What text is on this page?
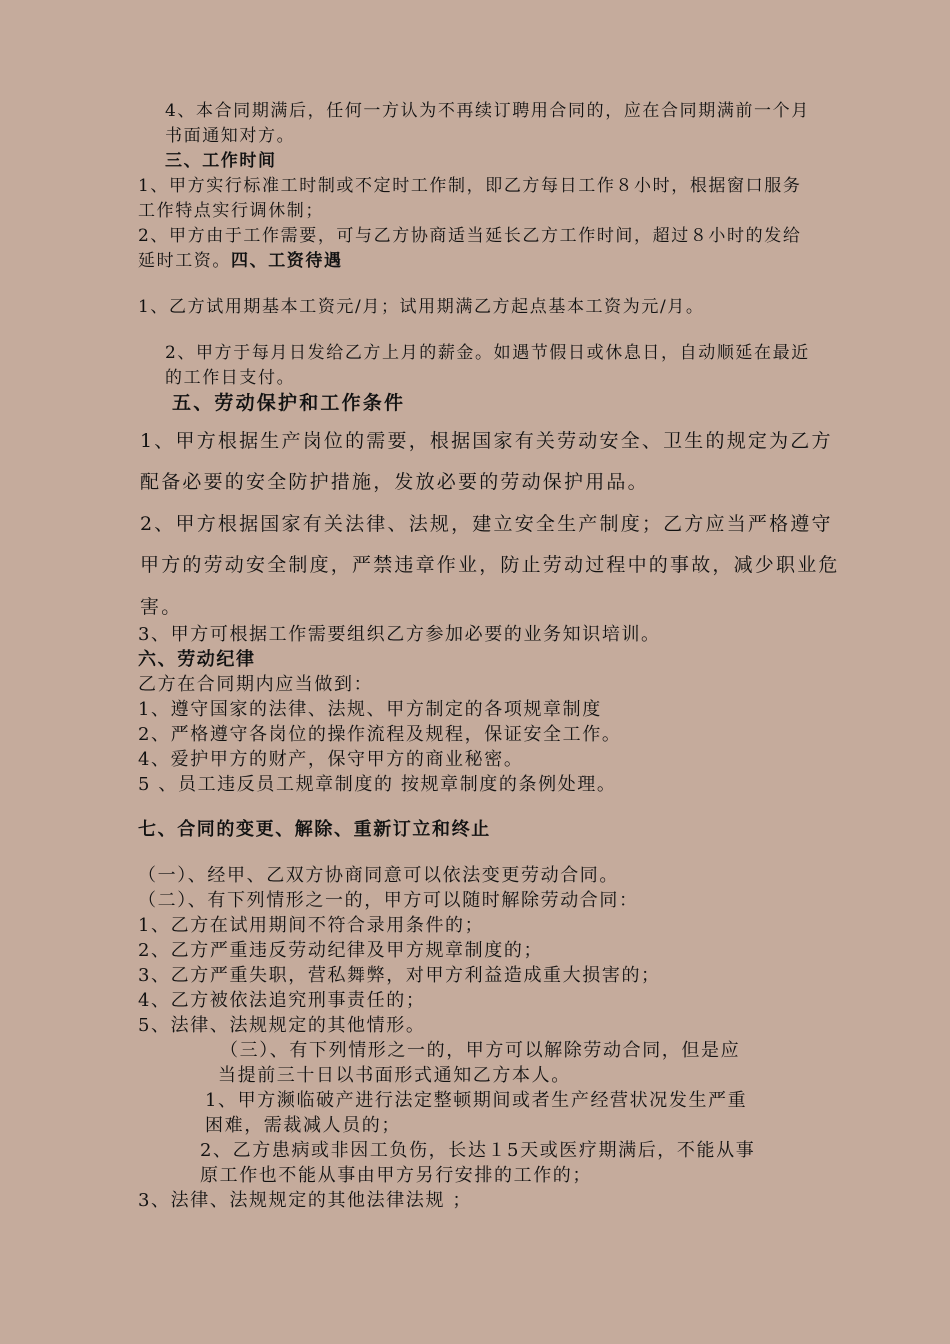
4、本合同期满后，任何一方认为不再续订聘用合同的，应在合同期满前一个月
书面通知对方。
三、工作时间
1、甲方实行标准工时制或不定时工作制，即乙方每日工作８小时，根据窗口服务
工作特点实行调休制；
2、甲方由于工作需要，可与乙方协商适当延长乙方工作时间，超过８小时的发给
延时工资。四、工资待遇
1、乙方试用期基本工资元/月；试用期满乙方起点基本工资为元/月。
2、甲方于每月日发给乙方上月的薪金。如遇节假日或休息日，自动顺延在最近
的工作日支付。
五、劳动保护和工作条件
1、甲方根据生产岗位的需要，根据国家有关劳动安全、卫生的规定为乙方
配备必要的安全防护措施，发放必要的劳动保护用品。
2、甲方根据国家有关法律、法规，建立安全生产制度；乙方应当严格遵守
甲方的劳动安全制度，严禁违章作业，防止劳动过程中的事故，减少职业危
害。
3、甲方可根据工作需要组织乙方参加必要的业务知识培训。
六、劳动纪律
乙方在合同期内应当做到：
1、遵守国家的法律、法规、甲方制定的各项规章制度
2、严格遵守各岗位的操作流程及规程，保证安全工作。
4、爱护甲方的财产，保守甲方的商业秘密。
5 、员工违反员工规章制度的 按规章制度的条例处理。
七、合同的变更、解除、重新订立和终止
（一）、经甲、乙双方协商同意可以依法变更劳动合同。
（二）、有下列情形之一的，甲方可以随时解除劳动合同：
1、乙方在试用期间不符合录用条件的；
2、乙方严重违反劳动纪律及甲方规章制度的；
3、乙方严重失职，营私舞弊，对甲方利益造成重大损害的；
4、乙方被依法追究刑事责任的；
5、法律、法规规定的其他情形。
（三）、有下列情形之一的，甲方可以解除劳动合同，但是应
当提前三十日以书面形式通知乙方本人。
1、甲方濒临破产进行法定整顿期间或者生产经营状况发生严重
困难，需裁减人员的；
2、乙方患病或非因工负伤，长达１5天或医疗期满后，不能从事
原工作也不能从事由甲方另行安排的工作的；
3、法律、法规规定的其他法律法规 ；
